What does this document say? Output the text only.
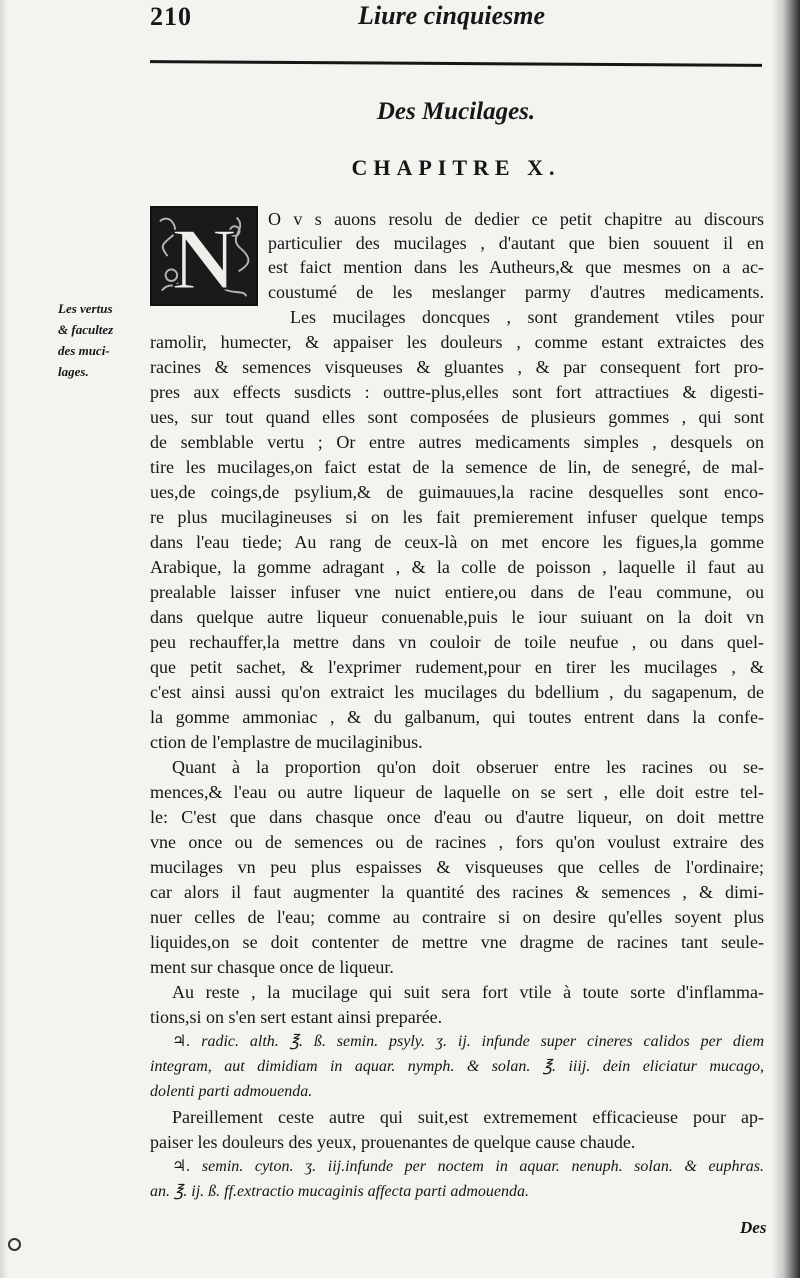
210	Liure cinquiesme
Des Mucilages.
CHAPITRE X.
N
Les vertus
& facultez
des muci-
lages.
O v s auons resolu de dedier ce petit chapitre au discours
particulier des mucilages , d'autant que bien souuent il en
est faict mention dans les Autheurs,& que mesmes on a ac-
coustumé de les meslanger parmy d'autres medicaments.
Les mucilages doncques , sont grandement vtiles pour
ramolir, humecter, & appaiser les douleurs , comme estant extraictes des
racines & semences visqueuses & gluantes , & par consequent fort pro-
pres aux effects susdicts : outtre-plus,elles sont fort attractiues & digesti-
ues, sur tout quand elles sont composées de plusieurs gommes , qui sont
de semblable vertu ; Or entre autres medicaments simples , desquels on
tire les mucilages,on faict estat de la semence de lin, de senegré, de mal-
ues,de coings,de psylium,& de guimauues,la racine desquelles sont enco-
re plus mucilagineuses si on les fait premierement infuser quelque temps
dans l'eau tiede; Au rang de ceux-là on met encore les figues,la gomme
Arabique, la gomme adragant , & la colle de poisson , laquelle il faut au
prealable laisser infuser vne nuict entiere,ou dans de l'eau commune, ou
dans quelque autre liqueur conuenable,puis le iour suiuant on la doit vn
peu rechauffer,la mettre dans vn couloir de toile neufue , ou dans quel-
que petit sachet, & l'exprimer rudement,pour en tirer les mucilages , &
c'est ainsi aussi qu'on extraict les mucilages du bdellium , du sagapenum, de
la gomme ammoniac , & du galbanum, qui toutes entrent dans la confe-
ction de l'emplastre de mucilaginibus.
Quant à la proportion qu'on doit obseruer entre les racines ou se-
mences,& l'eau ou autre liqueur de laquelle on se sert , elle doit estre tel-
le: C'est que dans chasque once d'eau ou d'autre liqueur, on doit mettre
vne once ou de semences ou de racines , fors qu'on voulust extraire des
mucilages vn peu plus espaisses & visqueuses que celles de l'ordinaire;
car alors il faut augmenter la quantité des racines & semences , & dimi-
nuer celles de l'eau; comme au contraire si on desire qu'elles soyent plus
liquides,on se doit contenter de mettre vne dragme de racines tant seule-
ment sur chasque once de liqueur.
Au reste , la mucilage qui suit sera fort vtile à toute sorte d'inflamma-
tions,si on s'en sert estant ainsi preparée.
♃. radic. alth. ℥. ß. semin. psyly. ʒ. ij. infunde super cineres calidos per diem
integram, aut dimidiam in aquar. nymph. & solan. ℥. iiij. dein eliciatur mucago,
dolenti parti admouenda.
Pareillement ceste autre qui suit,est extremement efficacieuse pour ap-
paiser les douleurs des yeux, prouenantes de quelque cause chaude.
♃. semin. cyton. ʒ. iij.infunde per noctem in aquar. nenuph. solan. & euphras.
an. ℥. ij. ß. ff.extractio mucaginis affecta parti admouenda.
Des
